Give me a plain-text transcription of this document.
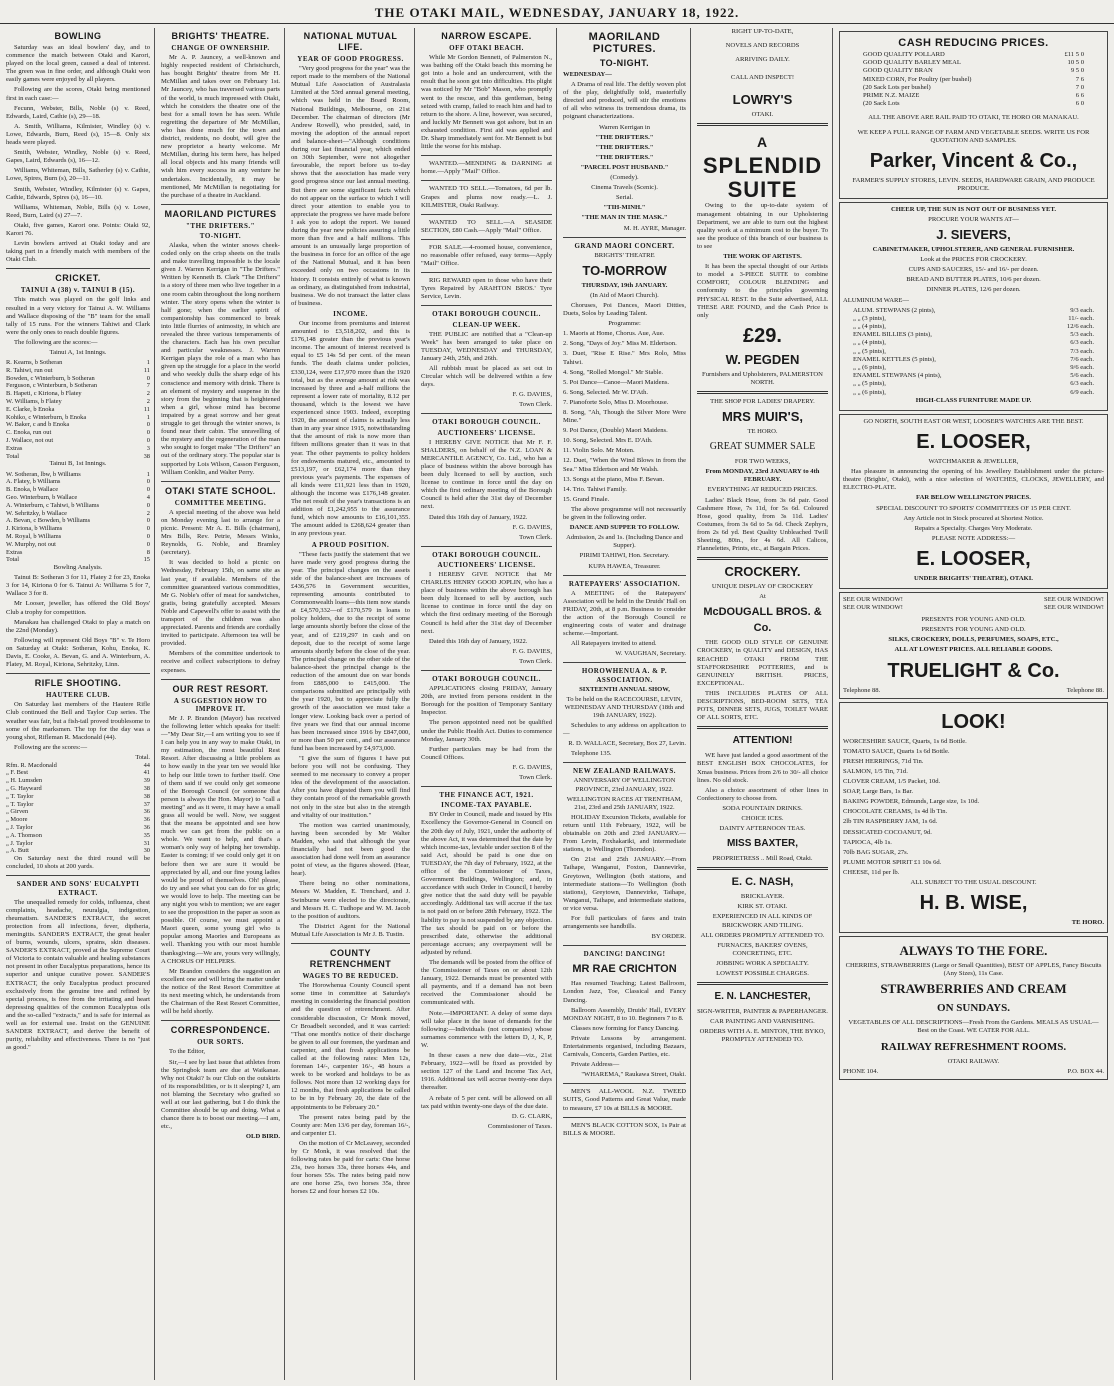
THE OTAKI MAIL, WEDNESDAY, JANUARY 18, 1922.
BOWLING

Saturday was an ideal bowlers' day, and to commence the match between Otaki and Karori, played on the local green, caused a deal of interest. The green was in fine order, and although Otaki won easily games were enjoyed by all players.

Following are the scores, Otaki being mentioned first in each case:—

Fecunn, Webster, Bills, Noble (s) v. Reed, Edwards, Laird, Cathie (s), 29—18.

A. Smith, Williams, Kilmister, Windley (s) v. Lowe, Edwards, Burn, Reed (s), 15—8. Only six heads were played.

Smith, Webster, Windley, Noble (s) v. Reed, Gapes, Laird, Edwards (s), 16—12.

Williams, Whiteman, Bills, Satherley (s) v. Cathie, Lowe, Spires, Burn (s), 20—11.

Smith, Webster, Windley, Kilmister (s) v. Gapes, Cathie, Edwards, Spires (s), 16—10.

Williams, Whiteman, Noble, Bills (s) v. Lowe, Reed, Burn, Laird (s) 27—7.

Otaki, five games, Karori one. Points: Otaki 92, Karori 76.

Levin bowlers arrived at Otaki today and are taking part in a friendly match with members of the Otaki Club.

CRICKET.
TAINUI A (38) v. TAINUI B (15).

This match was played on the golf links and resulted in a very victory for Tainui A. W. Williams and Wallace disposing of the "B" team for the small tally of 15 runs. For the winners Tahiwi and Clark were the only ones to reach double figures.

The following are the scores:—

Tainui A, 1st Innings.

R. Kearns, b Sotheran	1
R. Tahiwi, run out	11
Bowden, c Winterburn, b Sotheran	0
Ferguson, c Winterburn, b Sotheran	7
B. Hapeti, c Kiriona, b Flatey	2
W. Williams, b Flatey	2
E. Clarke, b Enoka	11
Kohiko, c Winterburn, b Enoka	1
W. Baker, c and b Enoka	0
C. Enoka, run out	0
J. Wallace, not out	0
Extras	3
Total	38

Tainui B, 1st Innings.

W. Sotheran, lbw, b Williams	1
A. Flatey, b Williams	0
B. Enoka, b Wallace	0
Geo. Winterburn, b Wallace	4
A. Winterburn, c Tahiwi, b Williams	0
W. Sehritzky, b Wallace	2
A. Bevan, c Bowden, b Williams	0
J. Kiriona, b Williams	0
M. Royal, b Williams	0
W. Murphy, not out	0
Extras	8
Total	15

Bowling Analysis.

Tainui B: Sotheran 3 for 11, Flatey 2 for 23, Enoka 3 for 14, Kiriona 0 for 6. Tainui A: Williams 5 for 7, Wallace 3 for 8.

Mr Looser, jeweller, has offered the Old Boys' Club a trophy for competition.

Manakau has challenged Otaki to play a match on the 22nd (Monday).

Following will represent Old Boys "B" v. Te Horo on Saturday at Otaki: Sotheran, Kohu, Enoka, K. Davis, E. Cooke, A. Bevan, G. and A. Winterburn, A. Flatey, M. Royal, Kiriona, Sehritzky, Linn.

RIFLE SHOOTING.
HAUTERE CLUB.

On Saturday last members of the Hautere Rifle Club continued the Bell and Taylor Cup series. The weather was fair, but a fish-tail proved troublesome to some of the marksmen. The top for the day was a young shot, Rifleman R. Macdonald (44).

Following are the scores:—

Total.
Rfm. R. Macdonald	44
„ F. Best	41
„ H. Lumsden	39
„ G. Hayward	38
„ T. Taylor	38
„ T. Taylor	37
„ Girven	36
„ Moore	36
„ J. Taylor	36
„ A. Thomson	35
„ J. Taylor	31
„ A. Butt	30

On Saturday next the third round will be concluded, 10 shots at 200 yards.

SANDER AND SONS' EUCALYPTI EXTRACT.

The unequalled remedy for colds, influenza, chest complaints, headache, neuralgia, indigestion, rheumatism. SANDER'S EXTRACT, the secret protection from all infections, fever, diptheria, meningitis. SANDER'S EXTRACT, the great healer of burns, wounds, ulcers, sprains, skin diseases. SANDER'S EXTRACT, proved at the Supreme Court of Victoria to contain valuable and healing substances not present in other Eucalyptus preparations, hence its superior and unique curative power. SANDER'S EXTRACT, the only Eucalyptus product procured exclusively from the genuine tree and refined by special process, is free from the irritating and heart depressing qualities of the common Eucalyptus oils and the so-called "extracts," and is safe for internal as well as for external use. Insist on the GENUINE SANDER EXTRACT, and derive the benefit of purity, reliability and effectiveness. There is no "just as good."

BRIGHTS' THEATRE.
CHANGE OF OWNERSHIP.

Mr A. P. Jauncey, a well-known and highly respected resident of Christchurch, has bought Brights' theatre from Mr H. McMillan and takes over on February 1st. Mr Jauncey, who has traversed various parts of the world, is much impressed with Otaki, which he considers the theatre one of the best for a small town he has seen. While regretting the departure of Mr McMillan, who has done much for the town and district, residents, no doubt, will give the new proprietor a hearty welcome. Mr McMillan, during his term here, has helped all local objects and his many friends will wish him every success in any venture he undertakes. Incidentally, it may be mentioned, Mr McMillan is negotiating for the purchase of a theatre in Auckland.

MAORILAND PICTURES
"THE DRIFTERS."
TO-NIGHT.

Alaska, when the winter snows cheek-coded only on the crisp sheets on the trails and make travelling impossible is the locale given J. Warren Kerrigan in "The Drifters." Written by Kenneth B. Clark "The Drifters" is a story of three men who live together in a one room cabin throughout the long northern winter. The story opens when the winter is half gone; when the earlier spirit of companionship has commenced to break into little flurries of animosity, in which are revealed the three various temperaments of the characters. Each has his own peculiar and particular weaknesses. J. Warren Kerrigan plays the role of a man who has given up the struggle for a place in the world and who weekly dulls the sharp edge of his conscience and memory with drink. There is an element of mystery and suspense in the story from the beginning that is heightened when a girl, whose mind has become impaired by a great sorrow and her great struggle to get through the winter snows, is found near their cabin. The unravelling of the mystery and the regeneration of the man who sought to forget make "The Drifters" an out of the ordinary story. The popular star is supported by Lois Wilson, Casson Ferguson, William Conklin, and Walter Perry.

OTAKI STATE SCHOOL.
COMMITTEE MEETING.

A special meeting of the above was held on Monday evening last to arrange for a picnic. Present: Mr A. E. Bills (chairman), Mrs Bills, Rev. Petrie, Messrs Winks, Reynolds, G. Noble, and Bramley (secretary).

It was decided to hold a picnic on Wednesday, February 15th, on same site as last year, if available. Members of the committee guaranteed various commodities, Mr G. Noble's offer of meat for sandwiches, gratis, being gratefully accepted. Messrs Noble and Capewell's offer to assist with the transport of the children was also appreciated. Parents and friends are cordially invited to participate. Afternoon tea will be provided.

Members of the committee undertook to receive and collect subscriptions to defray expenses.

OUR REST RESORT.
A SUGGESTION HOW TO IMPROVE IT.

Mr J. P. Brandon (Mayor) has received the following letter which speaks for itself:—"My Dear Sir,—I am writing you to see if I can help you in any way to make Otaki, in my estimation, the most beautiful Rest Resort. After discussing a little problem as to how easily in the year ten we would like to help our little town to further itself. One of them said if we could only get someone of the Borough Council (or someone that person is always the Hon. Mayor) to "call a meeting" and as it were, it may have a small grass all would be well. Now, we suggest that the means be appointed and see how much we can get from the public on a whole. We want to help, and that's a woman's only way of helping her township. Easter is coming; if we could only get it on before then we are sure it would be appreciated by all, and our fine young ladies would be proud of themselves. Oh! please, do try and see what you can do for us girls; we would love to help. The meeting can be any night you wish to mention; we are eager to see the proposition in the paper as soon as possible. Of course, we must appoint a Maori queen, some young girl who is popular among Maories and Europeans as well. Thanking you with our most humble thanksgiving.—We are, yours very willingly, A CHORUS OF HELPERS.

Mr Brandon considers the suggestion an excellent one and will bring the matter under the notice of the Rest Resort Committee at its next meeting which, he understands from the Chairman of the Rest Resort Committee, will be held shortly.

CORRESPONDENCE.
OUR SORTS.

To the Editor,

Sir,—I see by last issue that athletes from the Springbok team are due at Waikanae. Why not Otaki? Is our Club on the outskirts of its responsibilities, or is it sleeping? I, am not blaming the Secretary who grafted so well at our last gathering, but I do think the Committee should be up and doing. What a chance there is to boost our meeting.—I am, etc.,

OLD BIRD.

NATIONAL MUTUAL LIFE.
YEAR OF GOOD PROGRESS.

"Very good progress for the year" was the report made to the members of the National Mutual Life Association of Australasia Limited at the 53rd annual general meeting, which was held in the Board Room, National Buildings, Melbourne, on 21st December. The chairman of directors (Mr Andrew Rowell), who presided, said, in moving the adoption of the annual report and balance-sheet—"Although conditions during our last financial year, which ended on 30th September, were not altogether favourable, the report before us to-day shows that the association has made very good progress since our last annual meeting. But there are some significant facts which do not appear on the surface to which I will direct your attention to enable you to appreciate the progress we have made before I ask you to adopt the report. We issued during the year new policies assuring a little more than five and a half millions. This amount is an unusually large proportion of the business in force for an office of the age of the National Mutual, and it has been exceeded only on two occasions in its history. It consists entirely of what is known as ordinary, as distinguished from industrial, business. We do not transact the latter class of business.

INCOME.

Our income from premiums and interest amounted to £3,518,202, and this is £176,148 greater than the previous year's income. The amount of interest received is equal to £5 14s 5d per cent. of the mean funds. The death claims under policies, £330,124, were £17,970 more than the 1920 total, but as the average amount at risk was increased by three and a-half millions the represent a lower rate of mortality, 8.12 per thousand, which is the lowest we have experienced since 1903. Indeed, excepting 1920, the amount of claims is actually less than in any year since 1915, notwithstanding that the amount of risk is now more than fifteen millions greater than it was in that year. The other payments to policy holders for endowments matured, etc., amounted to £513,197, or £62,174 more than they previous year's payments. The expenses of all kinds were £11,921 less than in 1920, although the income was £176,148 greater. The net result of the year's transactions is an addition of £1,242,955 to the assurance fund, which now amounts to £16,101,355. The amount added is £268,624 greater than in any previous year.

A PROUD POSITION.

"These facts justify the statement that we have made very good progress during the year. The principal changes on the assets side of the balance-sheet are increases of £436,576 in Government securities, representing amounts contributed to Commonwealth loans—this item now stands at £4,570,332—of £170,579 in loans to policy holders, due to the receipt of some large amounts shortly before the close of the year, and of £219,297 in cash and on deposit, due to the receipt of some large amounts shortly before the close of the year. The principal change on the other side of the balance-sheet the principal change is the reduction of the amount due on war bonds from £885,000 to £415,000. The comparisons submitted are principally with the year 1920, but to appreciate fully the growth of the association we must take a longer view. Looking back over a period of five years we find that our annual income has been increased since 1916 by £847,000, or more than 50 per cent., and our assurance fund has been increased by £4,973,000.

"I give the sum of figures I have put before you will not be confusing. They seemed to me necessary to convey a proper idea of the development of the association. After you have digested them you will find they contain proof of the remarkable growth not only in the size but also in the strength and vitality of our institution."

The motion was carried unanimously, having been seconded by Mr Walter Madden, who said that although the year financially had not been good the association had done well from an assurance point of view, as the figures showed. (Hear, hear).

There being no other nominations, Messrs W. Madden, E. Trenchard, and J. Swinburne were elected to the directorate, and Messrs H. C. Tudhope and W. M. Jacob to the position of auditors.

The District Agent for the National Mutual Life Association is Mr J. B. Tustin.

COUNTY RETRENCHMENT
WAGES TO BE REDUCED.

The Horowhenua County Council spent some time in committee at Saturday's meeting in considering the financial position and the question of retrenchment. After considerable discussion, Cr Monk moved, Cr Broadbelt seconded, and it was carried: "That one month's notice of their discharge be given to all our foremen, the yardman and carpenter, and that fresh applications be called at the following rates: Men 12s, foreman 14/-, carpenter 16/-, 48 hours a week to be worked and holidays to be as follows. Not more than 12 working days for 12 months, that fresh applications be called to be in by February 20, the date of the appointments to be February 20."

The present rates being paid by the County are: Men 13/6 per day, foreman 16/-, and carpenter £1.

On the motion of Cr McLeavey, seconded by Cr Monk, it was resolved that the following rates be paid for carts: One horse 23s, two horses 33s, three horses 44s, and four horses 55s. The rates being paid now are one horse 25s, two horses 35s, three horses £2 and four horses £2 10s.

NARROW ESCAPE.
OFF OTAKI BEACH.

While Mr Gordon Bennett, of Palmerston N., was bathing off the Otaki beach this morning he got into a hole and an undercurrent, with the result that he soon got into difficulties. His plight was noticed by Mr "Bob" Mason, who promptly went to the rescue, and this gentleman, being seized with cramp, failed to reach him and had to return to the shore. A line, however, was secured, and luckily Mr Bennett was got ashore, but in an exhausted condition. First aid was applied and Dr. Sharp immediately sent for. Mr Bennett is but little the worse for his mishap.

WANTED.—MENDING & DARNING at home.—Apply "Mail" Office.

WANTED TO SELL.—Tomatoes, 6d per lb. Grapes and plums now ready.—L. J. KILMISTER, Otaki Railway.

WANTED TO SELL.—A SEASIDE SECTION, £80 Cash.—Apply "Mail" Office.

FOR SALE.—4-roomed house, convenience, no reasonable offer refused, easy terms—Apply "Mail" Office.

RIG REWARD open to those who have their Tyres Repaired by ARAHTON BROS.' Tyre Service, Levin.

OTAKI BOROUGH COUNCIL.
CLEAN-UP WEEK.

THE PUBLIC are notified that a "Clean-up Week" has been arranged to take place on TUESDAY, WEDNESDAY and THURSDAY, January 24th, 25th, and 26th.

All rubbish must be placed as set out in Circular which will be delivered within a few days.

F. G. DAVIES,

Town Clerk.

OTAKI BOROUGH COUNCIL.
AUCTIONEERS' LICENSE.

I HEREBY GIVE NOTICE that Mr F. F. SHALDERS, on behalf of the N.Z. LOAN & MERCANTILE AGENCY, Co. Ltd., who has a place of business within the above borough has been duly licensed to sell by auction, such license to continue in force until the day on which the first ordinary meeting of the Borough Council is held after the 31st day of December next.

Dated this 16th day of January, 1922.

F. G. DAVIES,

Town Clerk.

OTAKI BOROUGH COUNCIL.
AUCTIONEERS' LICENSE.

I HEREBY GIVE NOTICE that Mr CHARLES HENRY GOOD JOPLIN, who has a place of business within the above borough has been duly licensed to sell by auction, such license to continue in force until the day on which the first ordinary meeting of the Borough Council is held after the 31st day of December next.

Dated this 16th day of January, 1922.

F. G. DAVIES,

Town Clerk.

OTAKI BOROUGH COUNCIL.

APPLICATIONS closing FRIDAY, January 20th, are invited from persons resident in the Borough for the position of Temporary Sanitary Inspector.

The person appointed need not be qualified under the Public Health Act. Duties to commence Monday, January 30th.

Further particulars may be had from the Council Offices.

F. G. DAVIES,

Town Clerk.

THE FINANCE ACT, 1921.
INCOME-TAX PAYABLE.

BY Order in Council, made and issued by His Excellency the Governor-General in Council on the 20th day of July, 1921, under the authority of the above Act, it was determined that the date by which income-tax, leviable under section 8 of the said Act, should be paid is one due on TUESDAY, the 7th day of February, 1922, at the office of the Commissioner of Taxes, Government Buildings, Wellington; and, in accordance with such Order in Council, I hereby give notice that the said duty will be payable accordingly. Additional tax will accrue if the tax is not paid on or before 28th February, 1922. The liability to pay is not suspended by any objection. The tax should be paid on or before the prescribed date, otherwise the additional percentage accrues; any overpayment will be adjusted by refund.

The demands will be posted from the office of the Commissioner of Taxes on or about 12th January, 1922. Demands must be presented with all payments, and if a demand has not been received the Commissioner should be communicated with.

Note.—IMPORTANT. A delay of some days will take place in the issue of demands for the following:—Individuals (not companies) whose surnames commence with the letters D, J, K, P, W.

In these cases a new due date—viz., 21st February, 1922—will be fixed as provided by section 127 of the Land and Income Tax Act, 1916. Additional tax will accrue twenty-one days thereafter.

A rebate of 5 per cent. will be allowed on all tax paid within twenty-one days of the due date.

D. G. CLARK,

Commissioner of Taxes.

MAORILAND PICTURES.
TO-NIGHT.

WEDNESDAY—

A Drama of real life. The deftly woven plot of the play, delightfully told, masterfully directed and produced, will stir the emotions of all who witness its tremendous drama, its poignant characterizations.

Warren Kerrigan in

"THE DRIFTERS."

"THE DRIFTERS."

"THE DRIFTERS."

"PARCEL POST HUSBAND."

(Comedy).

Cinema Travels (Scenic).

Serial.

"TIH-MINH."

"THE MAN IN THE MASK."

M. H. AYRE, Manager.

GRAND MAORI CONCERT.

BRIGHTS' THEATRE

TO-MORROW

THURSDAY, 19th JANUARY.

(In Aid of Maori Church).

Choruses, Poi Dances, Maori Ditties, Duets, Solos by Leading Talent.

Programme:

1. Maoris at Home, Chorus. Aue, Aue.

2. Song, "Days of Joy." Miss M. Eldertson.

3. Duet, "Rise E Rise." Mrs Rolo, Miss Tahiwi.

4. Song, "Rolled Mongol." Mr Stable.

5. Poi Dance—Canoe—Maori Maidens.

6. Song, Selected. Mr W. D'Ath.

7. Pianoforte Solo, Miss D. Moorhouse.

8. Song, "Ah, Though the Silver More Were Mine."

9. Poi Dance, (Double) Maori Maidens.

10. Song, Selected. Mrs E. D'Ath.

11. Violin Solo. Mr Moten.

12. Duet, "When the Wind Blows in from the Sea." Miss Eldertson and Mr Walsh.

13. Songs at the piano, Miss F. Bevan.

14. Trio. Tahiwi Family.

15. Grand Finale.

The above programme will not necessarily be given in the following order.

DANCE AND SUPPER TO FOLLOW.

Admission, 2s and 1s. (Including Dance and Supper).

PIRIMI TAHIWI, Hon. Secretary.

KUPA HAWEA, Treasurer.

RATEPAYERS' ASSOCIATION.

A MEETING of the Ratepayers' Association will be held in the Druids' Hall on FRIDAY, 20th, at 8 p.m. Business to consider the action of the Borough Council re engineering costs of water and drainage scheme.—Important.

All Ratepayers invited to attend.

W. VAUGHAN, Secretary.

HOROWHENUA A. & P. ASSOCIATION.

SIXTEENTH ANNUAL SHOW,

To be held on the RACECOURSE, LEVIN, WEDNESDAY AND THURSDAY (18th and 19th JANUARY, 1922).

Schedules to any address on application to—

R. D. WALLACE, Secretary, Box 27, Levin.

Telephone 135.

NEW ZEALAND RAILWAYS.

ANNIVERSARY OF WELLINGTON PROVINCE, 23rd JANUARY, 1922.

WELLINGTON RACES AT TRENTHAM, 21st, 23rd and 25th JANUARY, 1922.

HOLIDAY Excursion Tickets, available for return until 11th February, 1922, will be obtainable on 20th and 23rd JANUARY.—From Levin, Foxhakariki, and intermediate stations, to Wellington (Thorndon).

On 21st and 25th JANUARY.—From Taihape, Wanganui, Foxton, Dannevirke, Greytown, Wellington (both stations, and intermediate stations—To Wellington (both stations), Greytown, Dannevirke, Taihape, Wanganui, Taihape, and intermediate stations, or vice versa.

For full particulars of fares and train arrangements see handbills.

BY ORDER.

DANCING! DANCING!
MR RAE CRICHTON

Has resumed Teaching; Latest Ballroom, London Jazz, Toe, Classical and Fancy Dancing.

Ballroom Assembly, Druids' Hall, EVERY MONDAY NIGHT, 8 to 10. Beginners 7 to 8.

Classes now forming for Fancy Dancing.

Private Lessons by arrangement. Entertainments organised, including Bazaars, Carnivals, Concerts, Garden Parties, etc.

Private Address—

"WHAREMA," Raukawa Street, Otaki.

MEN'S ALL-WOOL N.Z. TWEED SUITS, Good Patterns and Great Value, made to measure, £7 10s at BILLS & MOORE.

MEN'S BLACK COTTON SOX, 1s Pair at BILLS & MOORE.

RIGHT UP-TO-DATE,

NOVELS AND RECORDS

ARRIVING DAILY.

CALL AND INSPECT!

LOWRY'S

OTAKI.

A
SPLENDID
SUITE

Owing to the up-to-date system of management obtaining in our Upholstering Department, we are able to turn out the highest quality work at a minimum cost to the buyer. To see the produce of this branch of our business is to see

THE WORK OF ARTISTS.

It has been the special thought of our Artists to model a 3-PIECE SUITE to combine COMFORT, COLOUR BLENDING and conformity to the principles governing PHYSICAL REST. In the Suite advertised, ALL THESE ARE FOUND, and the Cash Price is only

£29.
W. PEGDEN

Furnishers and Upholsterers, PALMERSTON NORTH.

THE SHOP FOR LADIES' DRAPERY.

MRS MUIR'S,

TE HORO.

GREAT SUMMER SALE

FOR TWO WEEKS,

From MONDAY, 23rd JANUARY to 4th FEBRUARY.

EVERYTHING AT REDUCED PRICES.

Ladies' Black Hose, from 3s 6d pair. Good Cashmere Hose, 7s 11d, for 5s 6d. Coloured Hose, good quality, from 3s 11d. Ladies' Costumes, from 3s 6d to 5s 6d. Check Zephyrs, from 2s 6d yd. Best Quality Unbleached Twill Sheeting, 80in., for 4s 6d. All Calicos, Flannelettes, Prints, etc., at Bargain Prices.

CROCKERY.

UNIQUE DISPLAY OF CROCKERY

At

McDOUGALL BROS. & Co.

THE GOOD OLD STYLE OF GENUINE CROCKERY, in QUALITY and DESIGN, HAS REACHED OTAKI FROM THE STAFFORDSHIRE POTTERIES, and is GENUINELY BRITISH. PRICES, EXCEPTIONAL.

THIS INCLUDES PLATES OF ALL DESCRIPTIONS, BED-ROOM SETS, TEA POTS, DINNER SETS, JUGS, TOILET WARE OF ALL SORTS, ETC.

ATTENTION!

WE have just landed a good assortment of the BEST ENGLISH BOX CHOCOLATES, for Xmas business. Prices from 2/6 to 30/- all choice lines. No old stock.

Also a choice assortment of other lines in Confectionery to choose from.

SODA FOUNTAIN DRINKS.

CHOICE ICES.

DAINTY AFTERNOON TEAS.

MISS BAXTER,

PROPRIETRESS .. Mill Road, Otaki.

E. C. NASH,

BRICKLAYER.

KIRK ST. OTAKI.

EXPERIENCED IN ALL KINDS OF BRICKWORK AND TILING.

ALL ORDERS PROMPTLY ATTENDED TO.

FURNACES, BAKERS' OVENS, CONCRETING, ETC.

JOBBING WORK A SPECIALTY.

LOWEST POSSIBLE CHARGES.

E. N. LANCHESTER,

SIGN-WRITER, PAINTER & PAPERHANGER.

CAR PAINTING AND VARNISHING.

ORDERS WITH A. E. MINTON, THE BYKO, PROMPTLY ATTENDED TO.

CASH REDUCING PRICES.
GOOD QUALITY POLLARD	£11 5 0
GOOD QUALITY BARLEY MEAL	10 5 0
GOOD QUALITY BRAN	9 5 0
MIXED CORN, For Poultry (per bushel)	7 6
(20 Sack Lots per bushel)	7 0
PRIME N.Z. MAIZE	6 6
(20 Sack Lots	6 0

ALL THE ABOVE ARE RAIL PAID TO OTAKI, TE HORO OR MANAKAU.

WE KEEP A FULL RANGE OF FARM AND VEGETABLE SEEDS. WRITE US FOR QUOTATION AND SAMPLES.

Parker, Vincent & Co.,

FARMER'S SUPPLY STORES, LEVIN. SEEDS, HARDWARE GRAIN, AND PRODUCE PRODUCE.

CHEER UP, THE SUN IS NOT OUT OF BUSINESS YET.

PROCURE YOUR WANTS AT—

J. SIEVERS,

CABINETMAKER, UPHOLSTERER, AND GENERAL FURNISHER.

Look at the PRICES FOR CROCKERY.

CUPS AND SAUCERS, 15/- and 16/- per dozen.

BREAD AND BUTTER PLATES, 10/6 per dozen.

DINNER PLATES, 12/6 per dozen.

ALUMINIUM WARE—

ALUM. STEWPANS (2 pints),	9/3 each.
„ „ (3 pints),	11/- each.
„ „ (4 pints),	12/6 each.
ENAMEL BILLIES (3 pints),	5/3 each.
„ „ (4 pints),	6/3 each.
„ „ (5 pints),	7/3 each.
ENAMEL KETTLES (5 pints),	7/6 each.
„ „ (6 pints),	9/6 each.
ENAMEL STEWPANS (4 pints),	5/6 each.
„ „ (5 pints),	6/3 each.
„ „ (6 pints),	6/9 each.

HIGH-CLASS FURNITURE MADE UP.

GO NORTH, SOUTH EAST OR WEST, LOOSER'S WATCHES ARE THE BEST.

E. LOOSER,

WATCHMAKER & JEWELLER,

Has pleasure in announcing the opening of his Jewellery Establishment under the picture-theatre (Brights', Otaki), with a nice selection of WATCHES, CLOCKS, JEWELLERY, and ELECTRO-PLATE.

FAR BELOW WELLINGTON PRICES.

SPECIAL DISCOUNT TO SPORTS' COMMITTEES OF 15 PER CENT.

Any Article not in Stock procured at Shortest Notice.

Repairs a Specialty. Charges Very Moderate.

PLEASE NOTE ADDRESS:—

E. LOOSER,

UNDER BRIGHTS' THEATRE), OTAKI.

SEE OUR WINDOW!	SEE OUR WINDOW!
SEE OUR WINDOW!	SEE OUR WINDOW!

PRESENTS FOR YOUNG AND OLD.

PRESENTS FOR YOUNG AND OLD.

SILKS, CROCKERY, DOLLS, PERFUMES, SOAPS, ETC.,

ALL AT LOWEST PRICES. ALL RELIABLE GOODS.

TRUELIGHT & Co.
Telephone 88.	Telephone 88.
LOOK!

WORCESHIRE SAUCE, Quarts, 1s 6d Bottle.

TOMATO SAUCE, Quarts 1s 6d Bottle.

FRESH HERRINGS, 71d Tin.

SALMON, 1/5 Tin, 71d.

CLOVER CREAM, 1/5 Packet, 10d.

SOAP, Large Bars, 1s Bar.

BAKING POWDER, Edmunds, Large size, 1s 10d.

CHOCOLATE CREAMS, 1s 4d lb Tin.

2lb TIN RASPBERRY JAM, 1s 6d.

DESSICATED COCOANUT, 9d.

TAPIOCA, 4lb 1s.

70lb BAG SUGAR, 27s.

PLUME MOTOR SPIRIT £1 10s 6d.

CHEESE, 11d per lb.

ALL SUBJECT TO THE USUAL DISCOUNT.

H. B. WISE,

TE HORO.

ALWAYS TO THE FORE.

CHERRIES, STRAWBERRIES (Large or Small Quantities), BEST OF APPLES, Fancy Biscuits (Any Sizes), 11s Case.

STRAWBERRIES AND CREAM
ON SUNDAYS.

VEGETABLES OF ALL DESCRIPTIONS—Fresh From the Gardens. MEALS AS USUAL—Best on the Coast. WE CATER FOR ALL.

RAILWAY REFRESHMENT ROOMS.

OTAKI RAILWAY.

PHONE 104.	P.O. BOX 44.
